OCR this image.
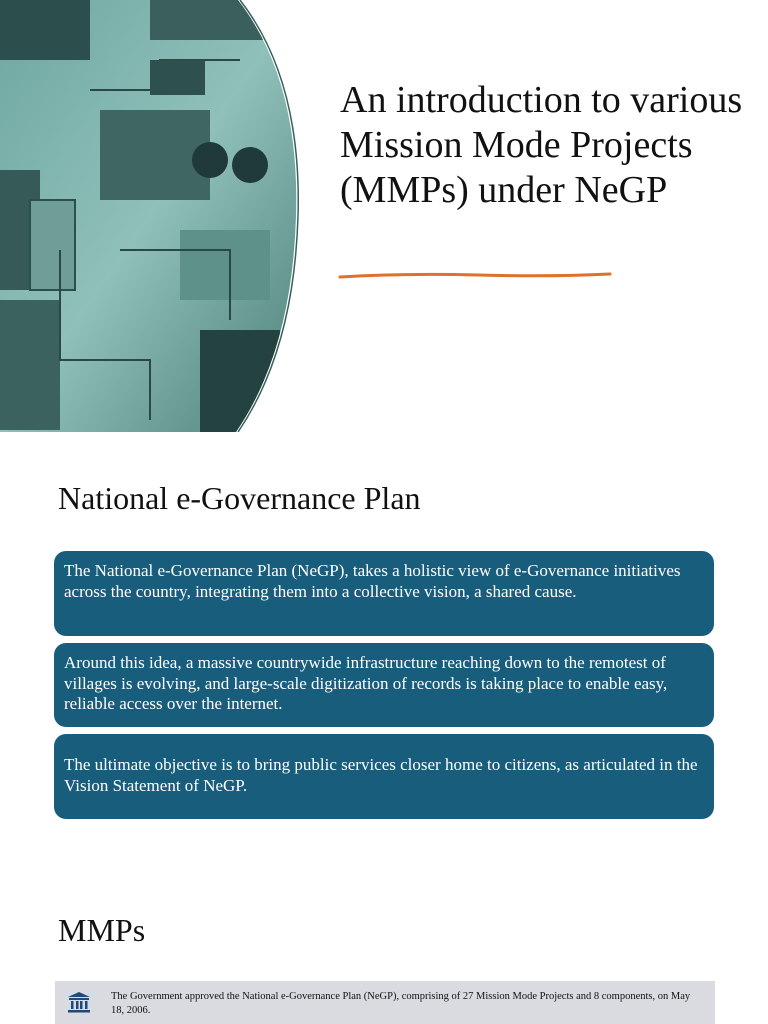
An introduction to various Mission Mode Projects (MMPs) under NeGP
National e-Governance Plan
The National e-Governance Plan (NeGP), takes a holistic view of e-Governance initiatives across the country, integrating them into a collective vision, a shared cause.
Around this idea, a massive countrywide infrastructure reaching down to the remotest of villages is evolving, and large-scale digitization of records is taking place to enable easy, reliable access over the internet.
The ultimate objective is to bring public services closer home to citizens, as articulated in the Vision Statement of NeGP.
MMPs
The Government approved the National e-Governance Plan (NeGP), comprising of 27 Mission Mode Projects and 8 components, on May 18, 2006.
